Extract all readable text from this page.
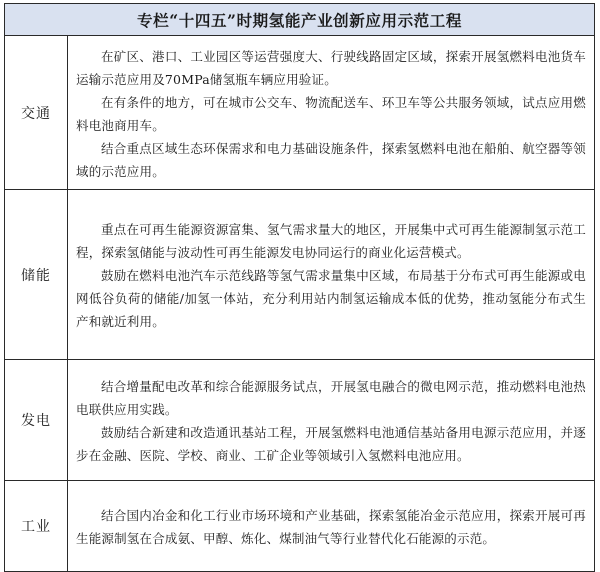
专栏“十四五”时期氢能产业创新应用示范工程
交通	在矿区、港口、工业园区等运营强度大、行驶线路固定区域，探索开展氢燃料电池货车运输示范应用及70MPa储氢瓶车辆应用验证。

在有条件的地方，可在城市公交车、物流配送车、环卫车等公共服务领域，试点应用燃料电池商用车。

结合重点区域生态环保需求和电力基础设施条件，探索氢燃料电池在船舶、航空器等领域的示范应用。

储能	重点在可再生能源资源富集、氢气需求量大的地区，开展集中式可再生能源制氢示范工程，探索氢储能与波动性可再生能源发电协同运行的商业化运营模式。

鼓励在燃料电池汽车示范线路等氢气需求量集中区域，布局基于分布式可再生能源或电网低谷负荷的储能/加氢一体站，充分利用站内制氢运输成本低的优势，推动氢能分布式生产和就近利用。

发电	结合增量配电改革和综合能源服务试点，开展氢电融合的微电网示范，推动燃料电池热电联供应用实践。

鼓励结合新建和改造通讯基站工程，开展氢燃料电池通信基站备用电源示范应用，并逐步在金融、医院、学校、商业、工矿企业等领域引入氢燃料电池应用。

工业	结合国内冶金和化工行业市场环境和产业基础，探索氢能冶金示范应用，探索开展可再生能源制氢在合成氨、甲醇、炼化、煤制油气等行业替代化石能源的示范。
